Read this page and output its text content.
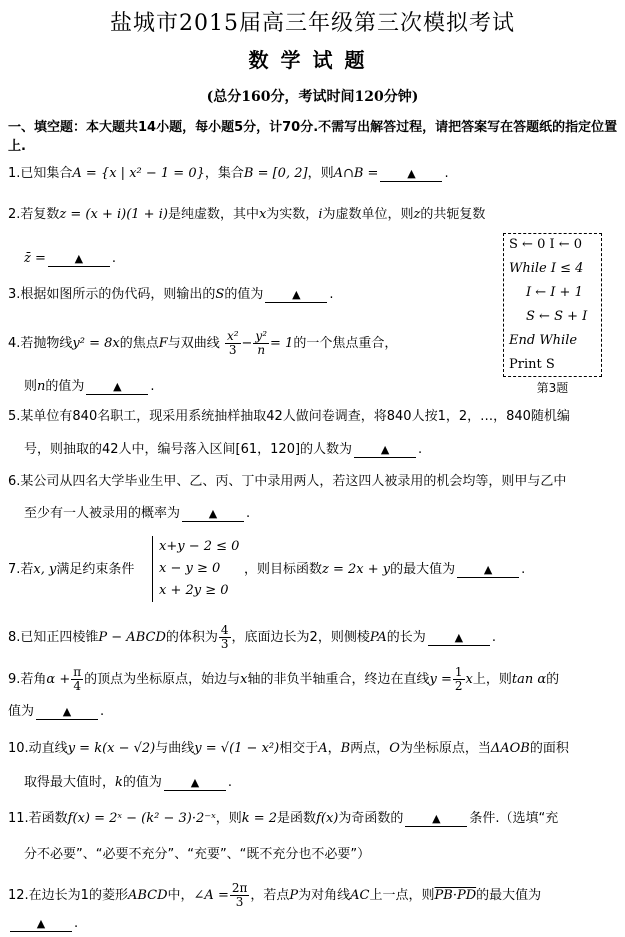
盐城市2015届高三年级第三次模拟考试
数学试题
(总分160分，考试时间120分钟)
一、填空题：本大题共14小题，每小题5分，计70分.不需写出解答过程，请把答案写在答题纸的指定位置上.
1.已知集合A = {x | x² − 1 = 0}，集合B = [0, 2]，则A∩B =	▲ .
2.若复数z = (x + i)(1 + i)是纯虚数，其中x为实数，i为虚数单位，则z的共轭复数
z̄ =	▲ .
3.根据如图所示的伪代码，则输出的S的值为	▲ .
4.若抛物线y² = 8x的焦点F与双曲线 $\frac{\text{x²}}{3} - \frac{\text{y²}}{n} = 1$的一个焦点重合，
则n的值为	▲ .
S ← 0 I ← 0
While I ≤ 4
I ← I + 1
S ← S + I
End While
Print S
第3题
5.某单位有840名职工，现采用系统抽样抽取42人做问卷调查，将840人按1，2，…，840随机编
号，则抽取的42人中，编号落入区间[61，120]的人数为	▲ .
6.某公司从四名大学毕业生甲、乙、丙、丁中录用两人，若这四人被录用的机会均等，则甲与乙中
至少有一人被录用的概率为	▲ .
7.若x, y满足约束条件
x+y − 2 ≤ 0
x − y ≥ 0
x + 2y ≥ 0
，则目标函数z = 2x + y的最大值为	▲ .
8.已知正四棱锥P − ABCD的体积为 $\frac{4}{3}$ ，底面边长为2，则侧棱PA的长为	▲ .
9.若角$\alpha + \frac{\pi}{4}$ 的顶点为坐标原点，始边与x轴的非负半轴重合，终边在直线$y = \frac{1}{2}$ x上，则tan α的
值为	▲ .
10.动直线y = k(x − √2)与曲线y = √(1 − x²)相交于A，B两点，O为坐标原点，当ΔAOB的面积
取得最大值时，k的值为	▲ .
11.若函数f(x) = 2ˣ − (k² − 3)·2⁻ˣ，则k = 2是函数f(x)为奇函数的	▲ 条件.（选填“充
分不必要”、“必要不充分”、“充要”、“既不充分也不必要”）
12.在边长为1的菱形ABCD中，∠A = $\frac{2\pi}{3}$ ，若点P为对角线AC上一点，则PB·PD的最大值为
▲ .
